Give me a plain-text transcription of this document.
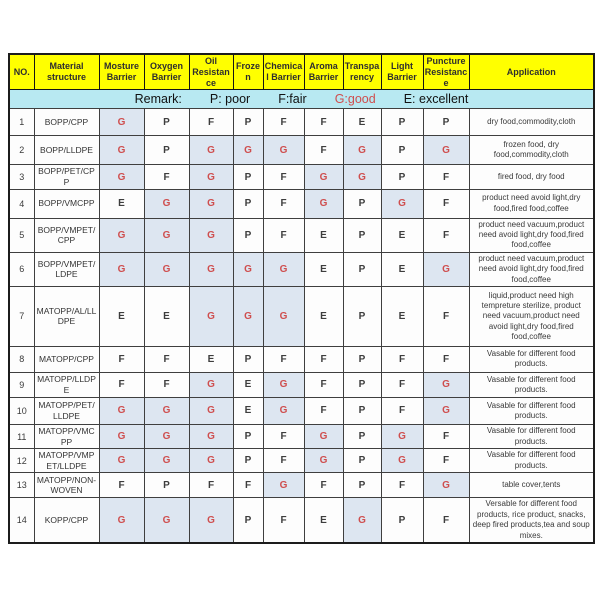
NO.	Material structure	Mosture Barrier	Oxygen Barrier	Oil Resistance	Frozen	Chemical Barrier	Aroma Barrier	Transparency	Light Barrier	Puncture Resistance	Application
Remark: P: poor F:fair G:good E: excellent											
1	BOPP/CPP	G	P	F	P	F	F	E	P	P	dry food,commodity,cloth
2	BOPP/LLDPE	G	P	G	G	G	F	G	P	G	frozen food, dry food,commodity,cloth
3	BOPP/PET/CPP	G	F	G	P	F	G	G	P	F	fired food, dry food
4	BOPP/VMCPP	E	G	G	P	F	G	P	G	F	product need avoid light,dry food,fired food,coffee
5	BOPP/VMPET/CPP	G	G	G	P	F	E	P	E	F	product need vacuum,product need avoid light,dry food,fired food,coffee
6	BOPP/VMPET/LDPE	G	G	G	G	G	E	P	E	G	product need vacuum,product need avoid light,dry food,fired food,coffee
7	MATOPP/AL/LLDPE	E	E	G	G	G	E	P	E	F	liquid,product need high tempreture sterilize, product need vacuum,product need avoid light,dry food,fired food,coffee
8	MATOPP/CPP	F	F	E	P	F	F	P	F	F	Vasable for different food products.
9	MATOPP/LLDPE	F	F	G	E	G	F	P	F	G	Vasable for different food products.
10	MATOPP/PET/LLDPE	G	G	G	E	G	F	P	F	G	Vasable for different food products.
11	MATOPP/VMCPP	G	G	G	P	F	G	P	G	F	Vasable for different food products.
12	MATOPP/VMPET/LLDPE	G	G	G	P	F	G	P	G	F	Vasable for different food products.
13	MATOPP/NON-WOVEN	F	P	F	F	G	F	P	F	G	table cover,tents
14	KOPP/CPP	G	G	G	P	F	E	G	P	F	Versable for different food products, rice product, snacks, deep fired products,tea and soup mixes.
